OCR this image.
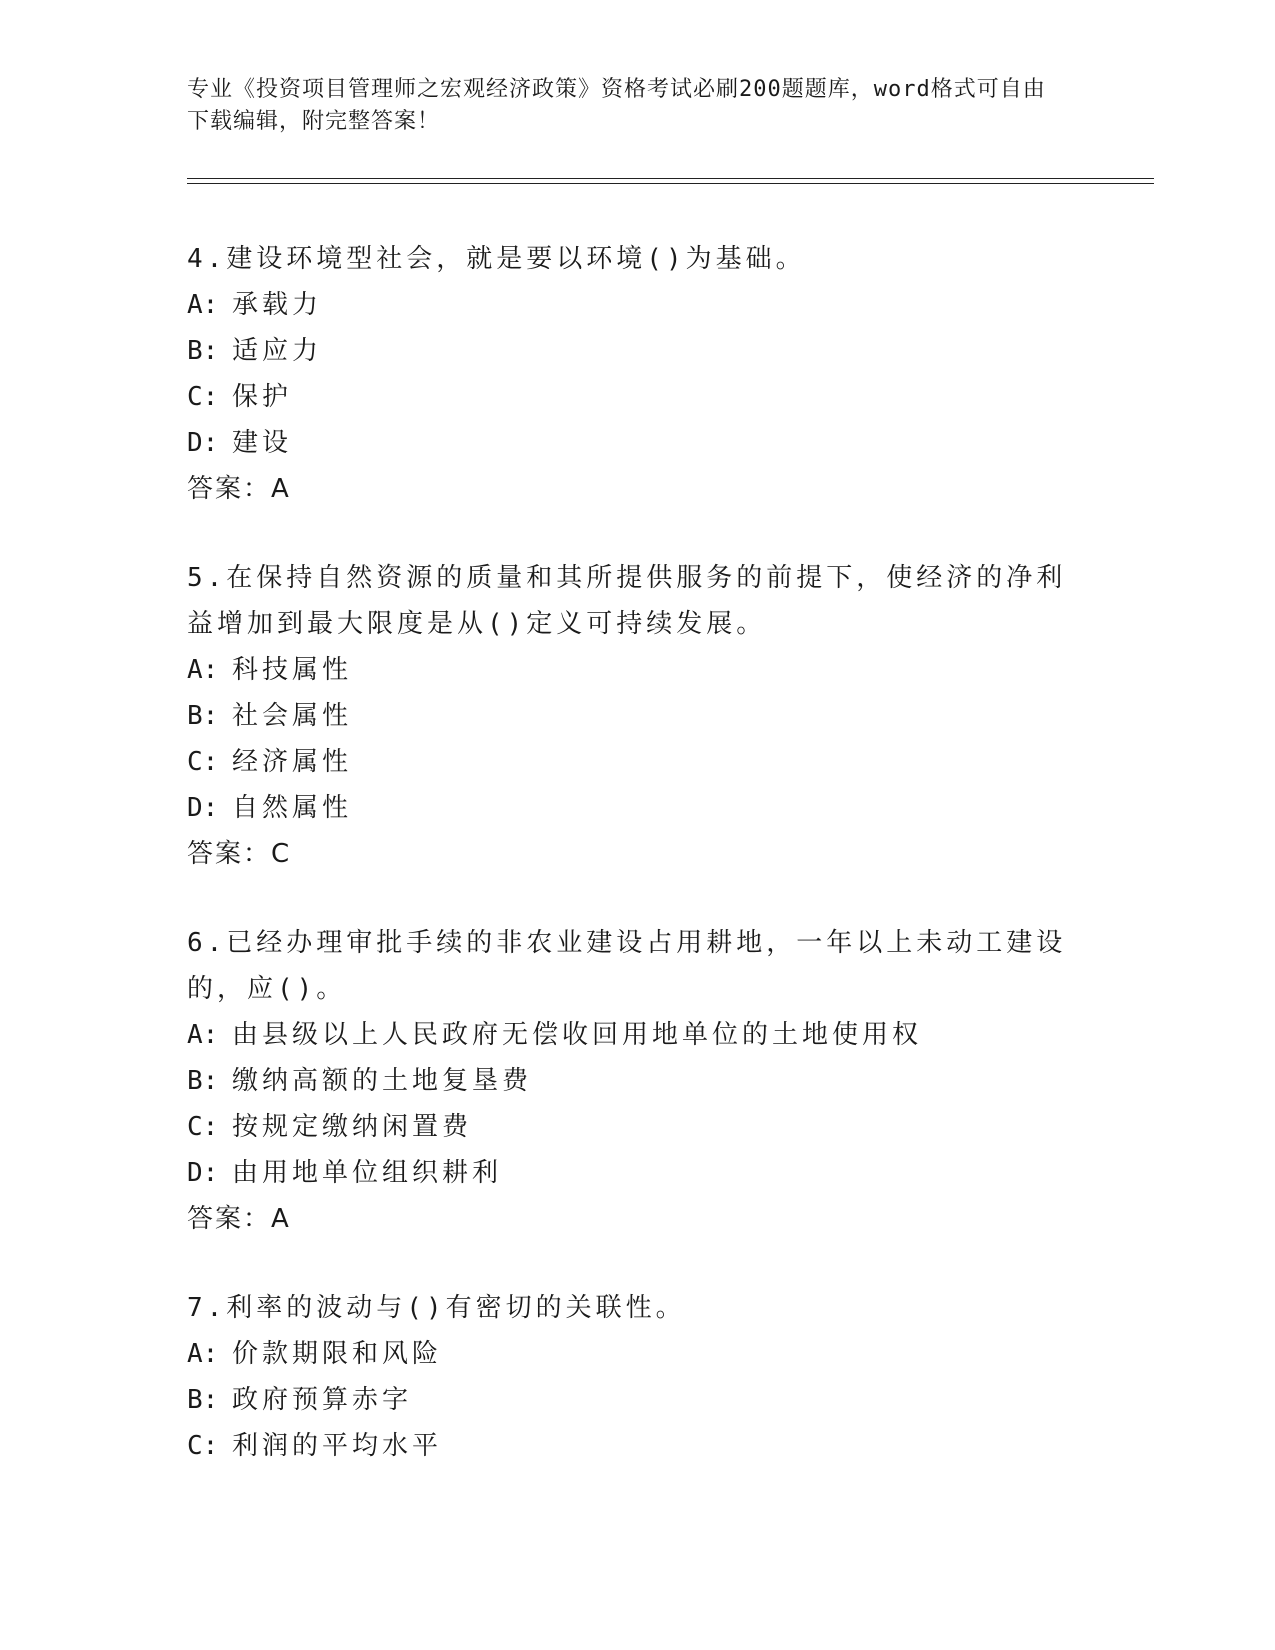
专业《投资项目管理师之宏观经济政策》资格考试必刷200题题库，word格式可自由下载编辑，附完整答案！
4.建设环境型社会，就是要以环境()为基础。
A: 承载力
B: 适应力
C: 保护
D: 建设
答案：A
5.在保持自然资源的质量和其所提供服务的前提下，使经济的净利益增加到最大限度是从()定义可持续发展。
A: 科技属性
B: 社会属性
C: 经济属性
D: 自然属性
答案：C
6.已经办理审批手续的非农业建设占用耕地，一年以上未动工建设的，应()。
A: 由县级以上人民政府无偿收回用地单位的土地使用权
B: 缴纳高额的土地复垦费
C: 按规定缴纳闲置费
D: 由用地单位组织耕利
答案：A
7.利率的波动与()有密切的关联性。
A: 价款期限和风险
B: 政府预算赤字
C: 利润的平均水平
